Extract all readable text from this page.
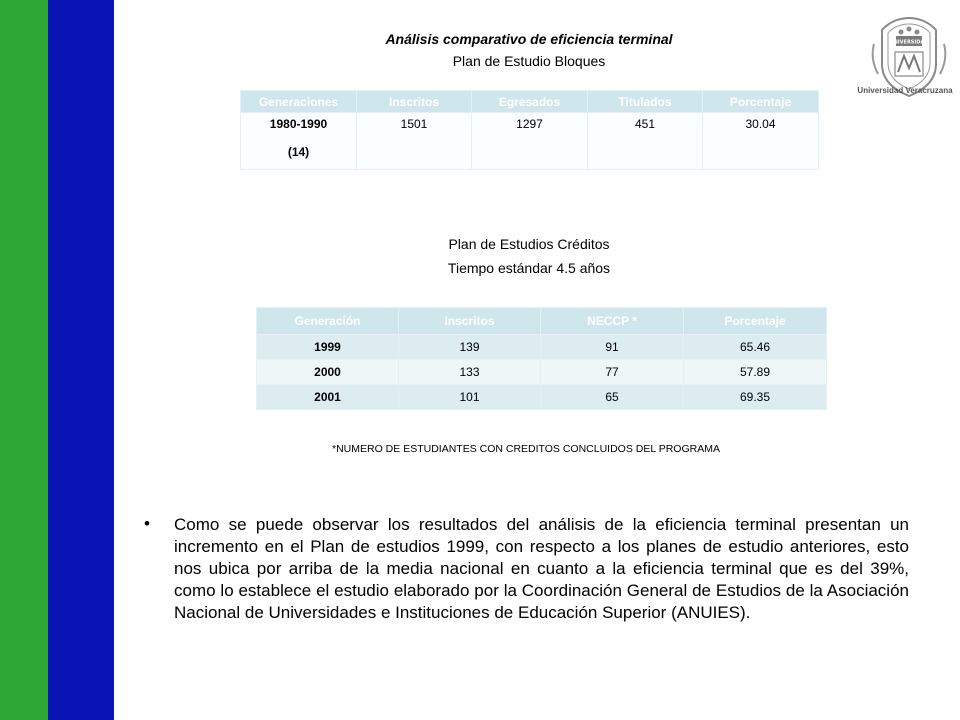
Análisis comparativo de eficiencia terminal
Plan de Estudio Bloques
UNIVERSIDAD
Universidad Veracruzana
Generaciones	Inscritos	Egresados	Titulados	Porcentaje
1980-1990
(14)	1501	1297	451	30.04
Plan de Estudios Créditos
Tiempo estándar 4.5 años
Generación	Inscritos	NECCP *	Porcentaje
1999	139	91	65.46
2000	133	77	57.89
2001	101	65	69.35
*NUMERO DE ESTUDIANTES CON CREDITOS CONCLUIDOS DEL PROGRAMA
• Como se puede observar los resultados del análisis de la eficiencia terminal presentan un incremento en el Plan de estudios 1999, con respecto a los planes de estudio anteriores, esto nos ubica por arriba de la media nacional en cuanto a la eficiencia terminal que es del 39%, como lo establece el estudio elaborado por la Coordinación General de Estudios de la Asociación Nacional de Universidades e Instituciones de Educación Superior (ANUIES).
